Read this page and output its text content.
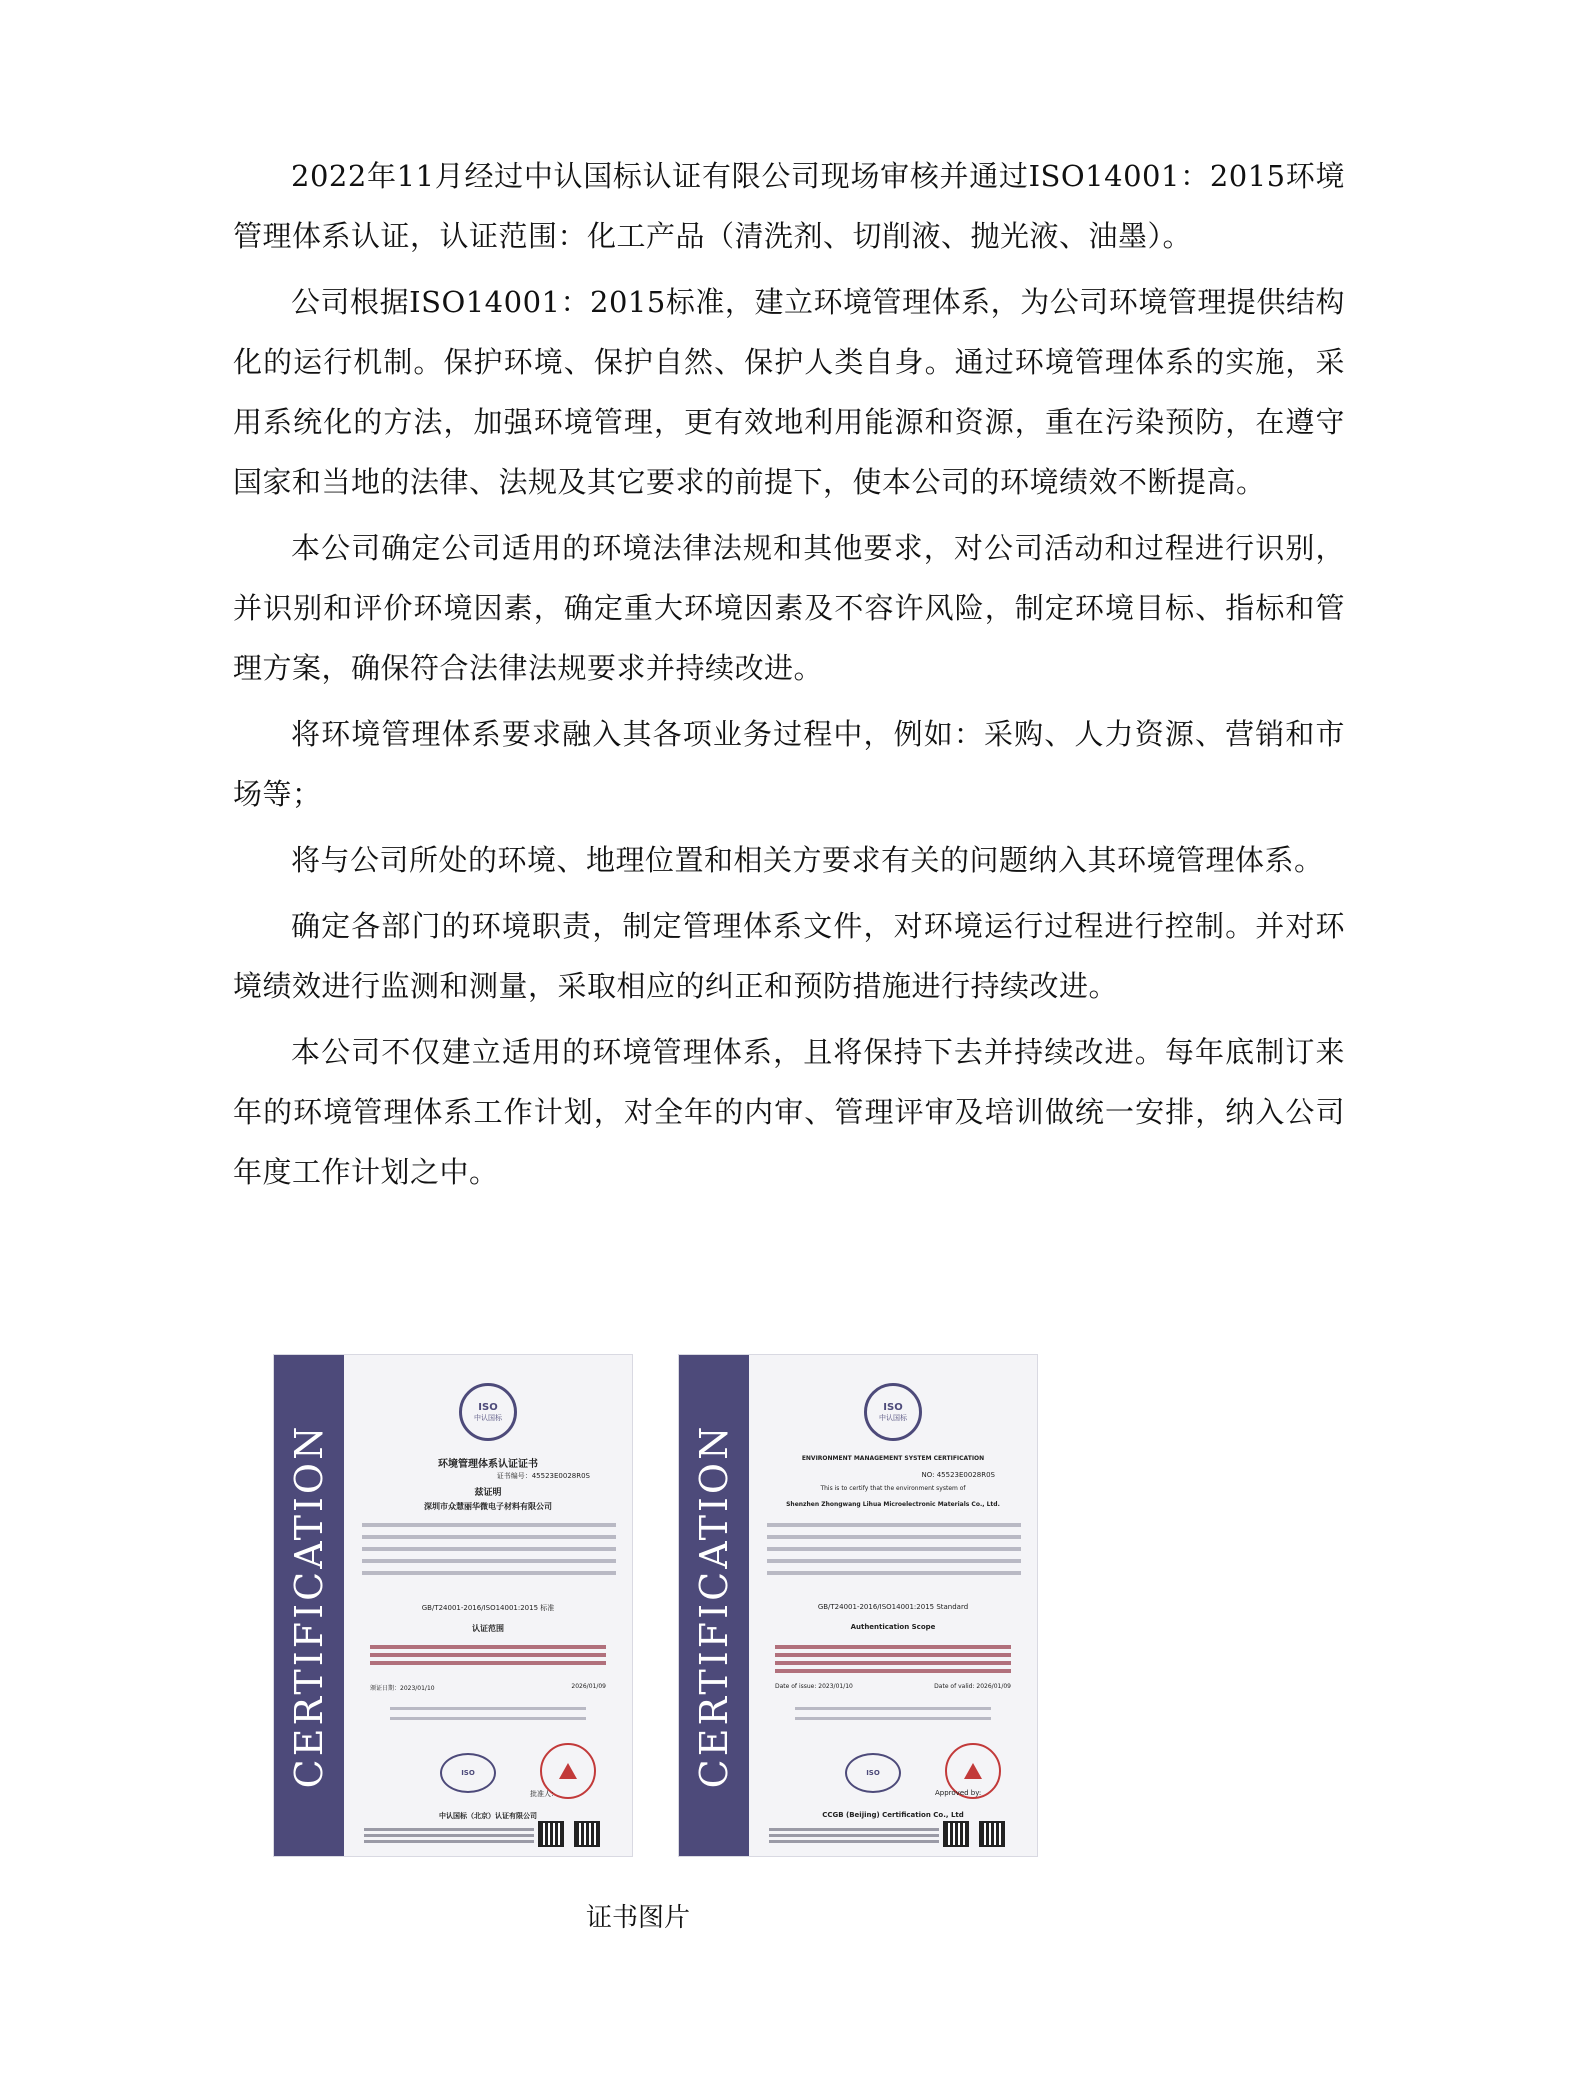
2022年11月经过中认国标认证有限公司现场审核并通过ISO14001：2015环境管理体系认证，认证范围：化工产品（清洗剂、切削液、抛光液、油墨）。

公司根据ISO14001：2015标准，建立环境管理体系，为公司环境管理提供结构化的运行机制。保护环境、保护自然、保护人类自身。通过环境管理体系的实施，采用系统化的方法，加强环境管理，更有效地利用能源和资源，重在污染预防，在遵守国家和当地的法律、法规及其它要求的前提下，使本公司的环境绩效不断提高。

本公司确定公司适用的环境法律法规和其他要求，对公司活动和过程进行识别，并识别和评价环境因素，确定重大环境因素及不容许风险，制定环境目标、指标和管理方案，确保符合法律法规要求并持续改进。

将环境管理体系要求融入其各项业务过程中，例如：采购、人力资源、营销和市场等；

将与公司所处的环境、地理位置和相关方要求有关的问题纳入其环境管理体系。

确定各部门的环境职责，制定管理体系文件，对环境运行过程进行控制。并对环境绩效进行监测和测量，采取相应的纠正和预防措施进行持续改进。

本公司不仅建立适用的环境管理体系，且将保持下去并持续改进。每年底制订来年的环境管理体系工作计划，对全年的内审、管理评审及培训做统一安排，纳入公司年度工作计划之中。

CERTIFICATION
ISO
中认国标
环境管理体系认证证书
证书编号：45523E0028R0S
兹证明
深圳市众慧丽华微电子材料有限公司
GB/T24001-2016/ISO14001:2015 标准
认证范围
颁证日期：2023/01/10	2026/01/09
ISO
批准人：
中认国标（北京）认证有限公司
CERTIFICATION
ISO
中认国标
ENVIRONMENT MANAGEMENT SYSTEM CERTIFICATION
NO: 45523E0028R0S
This is to certify that the environment system of
Shenzhen Zhongwang Lihua Microelectronic Materials Co., Ltd.
GB/T24001-2016/ISO14001:2015 Standard
Authentication Scope
Date of issue: 2023/01/10	Date of valid: 2026/01/09
ISO
Approved by:
CCGB (Beijing) Certification Co., Ltd
证书图片
